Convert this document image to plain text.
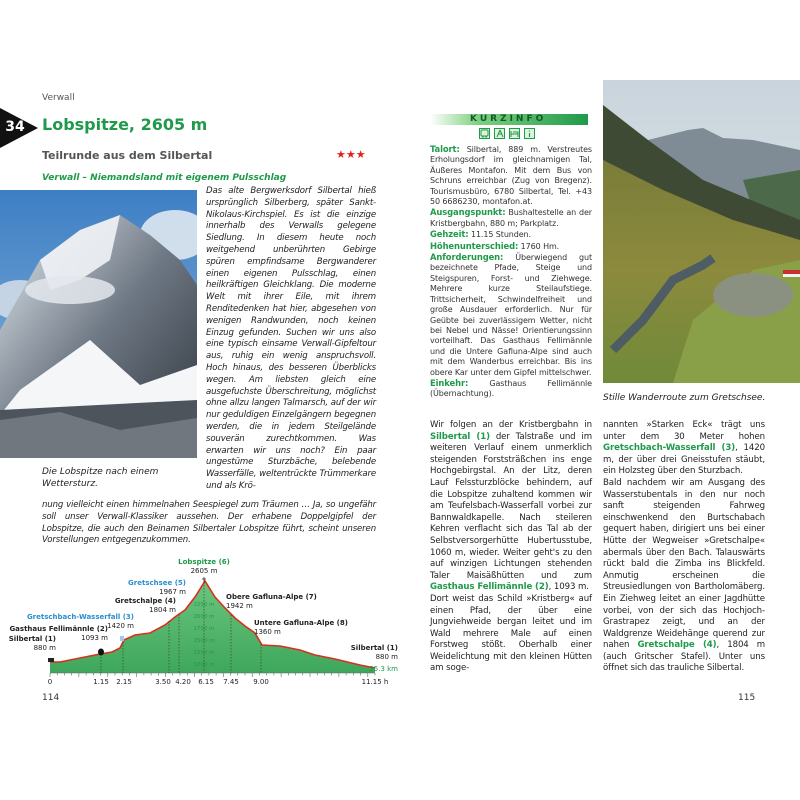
Verwall
34 Lobspitze, 2605 m
Teilrunde aus dem Silbertal	★★★
Verwall – Niemandsland mit eigenem Pulsschlag
Die Lobspitze nach einem Wettersturz.
Das alte Bergwerksdorf Silbertal hieß ursprünglich Silberberg, später Sankt-Nikolaus-Kirchspiel. Es ist die einzige innerhalb des Verwalls gelegene Siedlung. In diesem heute noch weitgehend unberührten Gebirge spüren empfindsame Bergwanderer einen eigenen Pulsschlag, einen heilkräftigen Gleichklang. Die moderne Welt mit ihrer Eile, mit ihrem Renditedenken hat hier, abgesehen von wenigen Randwunden, noch keinen Einzug gefunden. Suchen wir uns also eine typisch einsame Verwall-Gipfeltour aus, ruhig ein wenig anspruchsvoll. Hoch hinaus, des besseren Überblicks wegen. Am liebsten gleich eine ausgefuchste Überschreitung, möglichst ohne allzu langen Talmarsch, auf der wir nur geduldigen Einzelgängern begegnen werden, die in jedem Steilgelände souverän zurechtkommen. Was erwarten wir uns noch? Ein paar ungestüme Sturzbäche, belebende Wasserfälle, weltentrückte Trümmerkare und als Krö-
nung vielleicht einen himmelnahen Seespiegel zum Träumen … Ja, so ungefähr soll unser Verwall-Klassiker aussehen. Der erhabene Doppelgipfel der Lobspitze, die auch den Beinamen Silbertaler Lobspitze führt, scheint unseren Vorstellungen entgegenzukommen.
1000 m
1250 m
1500 m
1750 m
2000 m
2250 m
Silbertal (1)
880 m
Gasthaus Fellimännle (2)
1093 m
Gretschbach-Wasserfall (3)
1420 m
Gretschalpe (4)
1804 m
Gretschsee (5)
1967 m
Lobspitze (6)
2605 m
Obere Gafluna-Alpe (7)
1942 m
Untere Gafluna-Alpe (8)
1360 m
Silbertal (1)
880 m
25.3 km
0	1.15 2.15	3.50 4.20 6.15 7.45 9.00	11.15 h
114
KURZINFO
Talort: Silbertal, 889 m. Verstreutes Erholungsdorf im gleichnamigen Tal, Äußeres Montafon. Mit dem Bus von Schruns erreichbar (Zug von Bregenz). Tourismusbüro, 6780 Silbertal, Tel. +43 50 6686230, montafon.at.
Ausgangspunkt: Bushaltestelle an der Kristbergbahn, 880 m; Parkplatz.
Gehzeit: 11.15 Stunden.
Höhenunterschied: 1760 Hm.
Anforderungen: Überwiegend gut bezeichnete Pfade, Steige und Steigspuren, Forst- und Ziehwege. Mehrere kurze Steilaufstiege. Trittsicherheit, Schwindelfreiheit und große Ausdauer erforderlich. Nur für Geübte bei zuverlässigem Wetter, nicht bei Nebel und Nässe! Orientierungssinn vorteilhaft. Das Gasthaus Fellimännle und die Untere Gafluna-Alpe sind auch mit dem Wanderbus erreichbar. Bis ins obere Kar unter dem Gipfel mittelschwer.
Einkehr:	Gasthaus Fellimännle (Übernachtung).	Stille Wanderroute zum Gretschsee.
Wir folgen an der Kristbergbahn in Silbertal (1) der Talstraße und im weiteren Verlauf einem unmerklich steigenden Forststräßchen ins enge Hochgebirgstal. An der Litz, deren Lauf Felssturzblöcke behindern, auf die Lobspitze zuhaltend kommen wir am Teufelsbach-Wasserfall vorbei zur Bannwaldkapelle. Nach steileren Kehren verflacht sich das Tal ab der Selbstversorgerhütte Hubertusstube, 1060 m, wieder. Weiter geht's zu den auf winzigen Lichtungen stehenden Taler Maisäßhütten und zum Gasthaus Fellimännle (2), 1093 m.
Dort weist das Schild »Kristberg« auf einen Pfad, der über eine Jungviehweide bergan leitet und im Wald mehrere Male auf einen Forstweg stößt. Oberhalb einer Weidelichtung mit den kleinen Hütten am soge-
nannten »Starken Eck« trägt uns unter dem 30 Meter hohen Gretschbach-Wasserfall (3), 1420 m, der über drei Gneisstufen stäubt, ein Holzsteg über den Sturzbach.
Bald nachdem wir am Ausgang des Wasserstubentals in den nur noch sanft steigenden Fahrweg einschwenkend den Burtschabach gequert haben, dirigiert uns bei einer Hütte der Wegweiser »Gretschalpe« abermals über den Bach. Talauswärts rückt bald die Zimba ins Blickfeld. Anmutig erscheinen die Streusiedlungen von Bartholomäberg. Ein Ziehweg leitet an einer Jagdhütte vorbei, von der sich das Hochjoch-Grastrapez zeigt, und an der Waldgrenze Weidehänge querend zur nahen Gretschalpe (4), 1804 m (auch Gritscher Stafel). Unter uns öffnet sich das trauliche Silbertal.
115
